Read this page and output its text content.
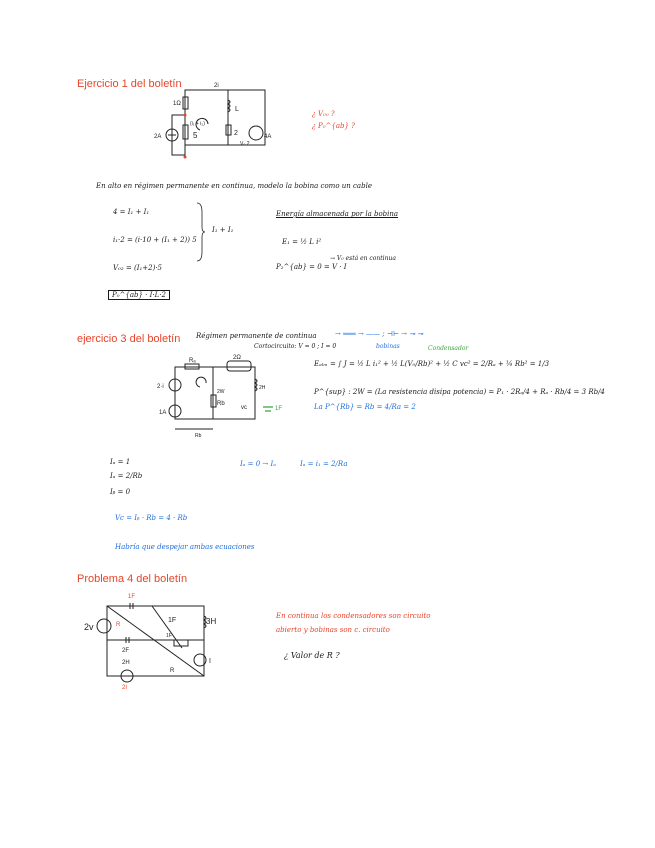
Ejercicio 1 del boletín	2i
1Ω
L
2A	5
(i₁ + i₂)
2
V₀ 2
4A
¿ V₀₀ ?
¿ P₀^{ab} ?
En alto en régimen permanente en continua, modelo la bobina como un cable
4 = I₁ + I₁
i₁·2 = (i·10 + (I₁ + 2)) 5
V₀₂ = (I₁+2)·5
I₁ + I₁
Energía almacenada por la bobina
E₁ = ½ L i²
P₂^{ab} = 0 = V · I
→ V₀ está en continua
P₀^{ab} · I·L·2
ejercicio 3 del boletín Régimen permanente de continua	→ ═══ → —— ; ⊣⊢ → ⊸ ⊸
Cortocircuito: V = 0 ; I = 0	bobinas	Condensador
Rₐ	2Ω
2·i
1A
2H
Rb
vc	1F
2W
Rb
Eₐₗₘ = ∫ J = ½ L i₁² + ½ L(V₀/Rb)² + ½ C vc² = 2/Rₐ + ¼ Rb² = 1/3
P^{sup} : 2W = (La resistencia disipa potencia) = P₁ · 2Rₐ/4 + Rₐ · Rb/4 = 3 Rb/4
La P^{Rb} = Rb = 4/Ra = 2
Iₐ = 1
Iₐ = 2/Rb
Iᵦ = 0
Iₐ = 0 → Iₐ	Iₐ = i₁ = 2/Ra
Vc = Iᵦ · Rb = 4 · Rb
Habría que despejar ambas ecuaciones
Problema 4 del boletín
2v	R
1F
1F	3H
2F
2H
R
I
2I
1F
En continua los condensadores son circuito
abierto y bobinas son c. circuito
¿ Valor de R ?
